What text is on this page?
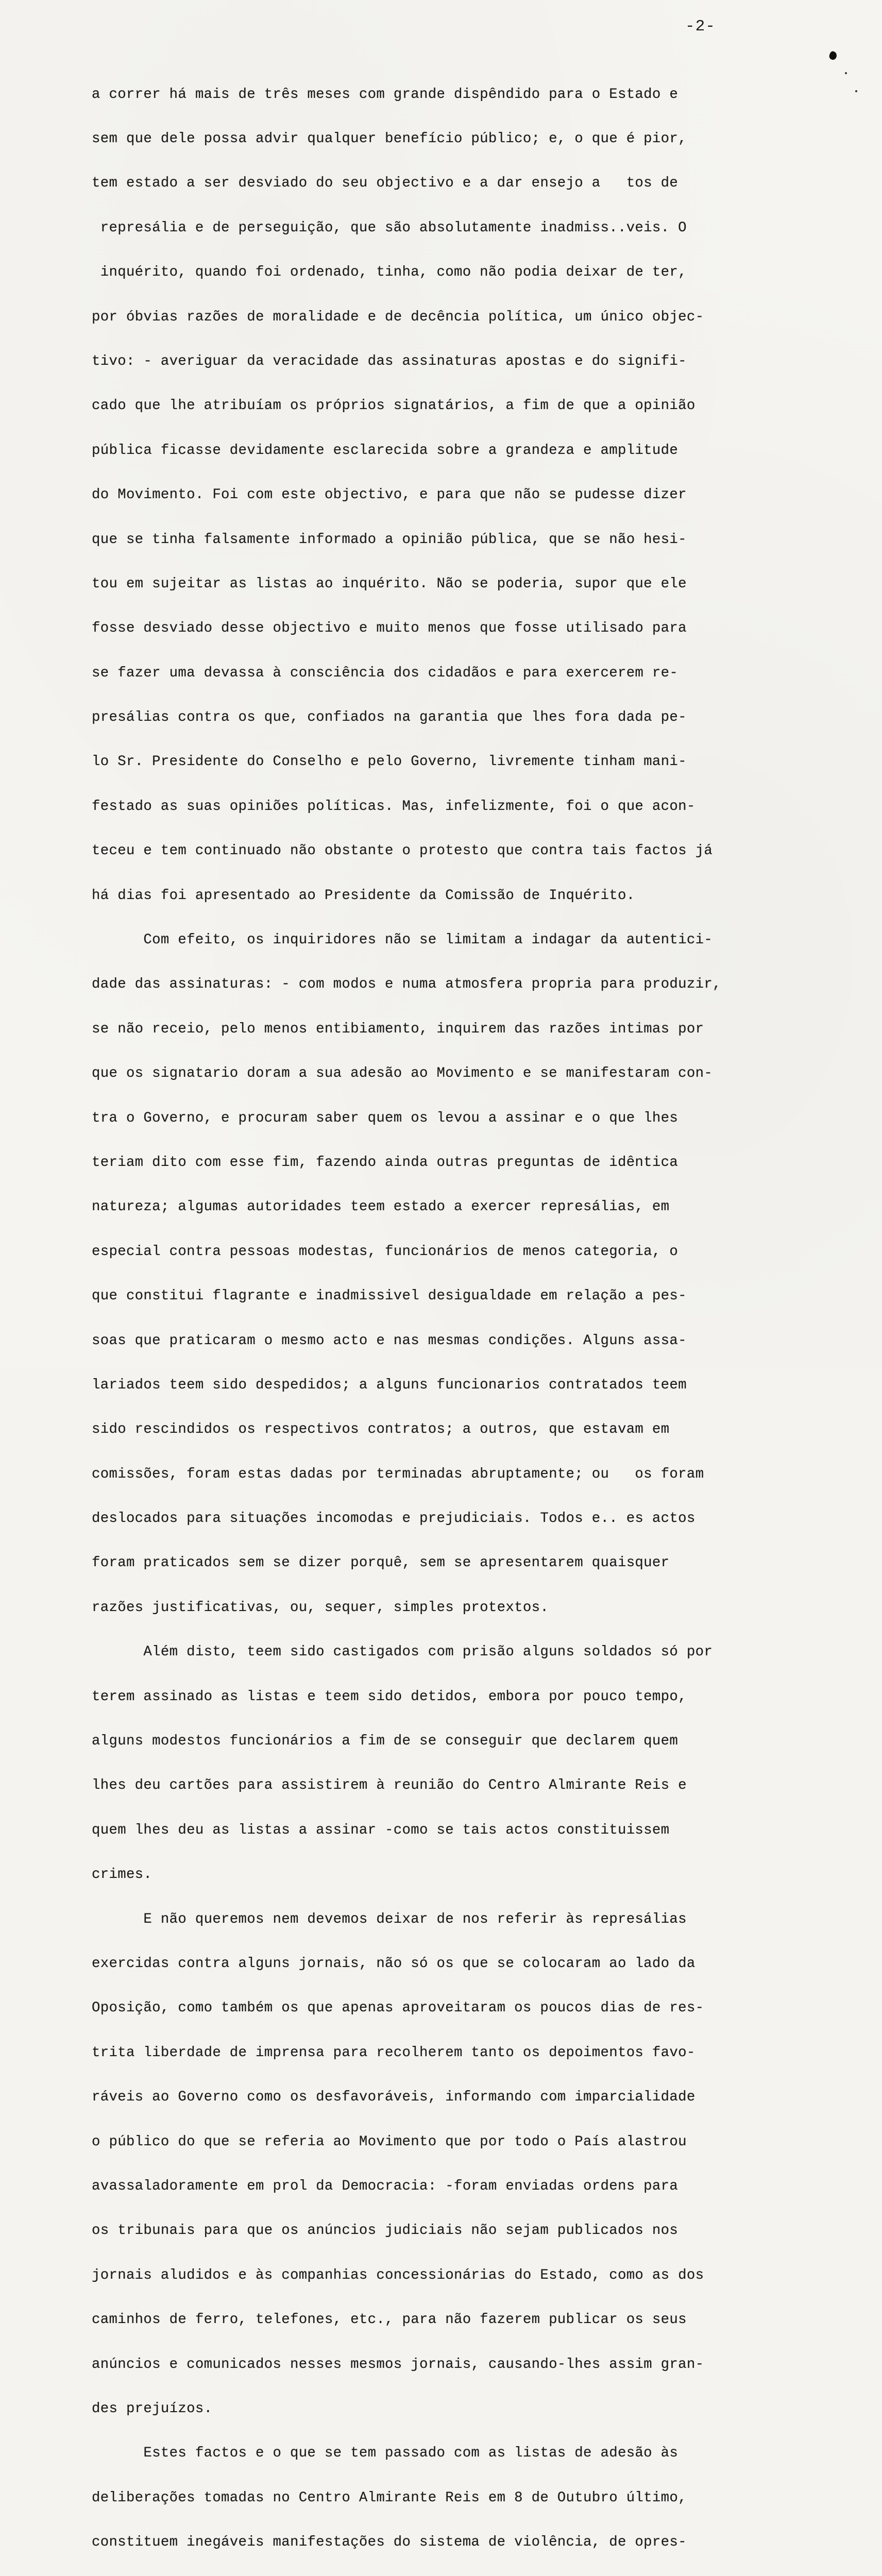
-2-

a correr há mais de três meses com grande dispêndido para o Estado e

sem que dele possa advir qualquer benefício público; e, o que é pior,

tem estado a ser desviado do seu objectivo e a dar ensejo a   tos de

represália e de perseguição, que são absolutamente inadmiss..veis. O

inquérito, quando foi ordenado, tinha, como não podia deixar de ter,

por óbvias razões de moralidade e de decência política, um único objec-

tivo: - averiguar da veracidade das assinaturas apostas e do signifi-

cado que lhe atribuíam os próprios signatários, a fim de que a opinião

pública ficasse devidamente esclarecida sobre a grandeza e amplitude

do Movimento. Foi com este objectivo, e para que não se pudesse dizer

que se tinha falsamente informado a opinião pública, que se não hesi-

tou em sujeitar as listas ao inquérito. Não se poderia, supor que ele

fosse desviado desse objectivo e muito menos que fosse utilisado para

se fazer uma devassa à consciência dos cidadãos e para exercerem re-

presálias contra os que, confiados na garantia que lhes fora dada pe-

lo Sr. Presidente do Conselho e pelo Governo, livremente tinham mani-

festado as suas opiniões políticas. Mas, infelizmente, foi o que acon-

teceu e tem continuado não obstante o protesto que contra tais factos já

há dias foi apresentado ao Presidente da Comissão de Inquérito.

Com efeito, os inquiridores não se limitam a indagar da autentici-

dade das assinaturas: - com modos e numa atmosfera propria para produzir,

se não receio, pelo menos entibiamento, inquirem das razões intimas por

que os signatario doram a sua adesão ao Movimento e se manifestaram con-

tra o Governo, e procuram saber quem os levou a assinar e o que lhes

teriam dito com esse fim, fazendo ainda outras preguntas de idêntica

natureza; algumas autoridades teem estado a exercer represálias, em

especial contra pessoas modestas, funcionários de menos categoria, o

que constitui flagrante e inadmissivel desigualdade em relação a pes-

soas que praticaram o mesmo acto e nas mesmas condições. Alguns assa-

lariados teem sido despedidos; a alguns funcionarios contratados teem

sido rescindidos os respectivos contratos; a outros, que estavam em

comissões, foram estas dadas por terminadas abruptamente; ou   os foram

deslocados para situações incomodas e prejudiciais. Todos e.. es actos

foram praticados sem se dizer porquê, sem se apresentarem quaisquer

razões justificativas, ou, sequer, simples protextos.

Além disto, teem sido castigados com prisão alguns soldados só por

terem assinado as listas e teem sido detidos, embora por pouco tempo,

alguns modestos funcionários a fim de se conseguir que declarem quem

lhes deu cartões para assistirem à reunião do Centro Almirante Reis e

quem lhes deu as listas a assinar -como se tais actos constituissem

crimes.

E não queremos nem devemos deixar de nos referir às represálias

exercidas contra alguns jornais, não só os que se colocaram ao lado da

Oposição, como também os que apenas aproveitaram os poucos dias de res-

trita liberdade de imprensa para recolherem tanto os depoimentos favo-

ráveis ao Governo como os desfavoráveis, informando com imparcialidade

o público do que se referia ao Movimento que por todo o País alastrou

avassaladoramente em prol da Democracia: -foram enviadas ordens para

os tribunais para que os anúncios judiciais não sejam publicados nos

jornais aludidos e às companhias concessionárias do Estado, como as dos

caminhos de ferro, telefones, etc., para não fazerem publicar os seus

anúncios e comunicados nesses mesmos jornais, causando-lhes assim gran-

des prejuízos.

Estes factos e o que se tem passado com as listas de adesão às

deliberações tomadas no Centro Almirante Reis em 8 de Outubro último,

constituem inegáveis manifestações do sistema de violência, de opres-
